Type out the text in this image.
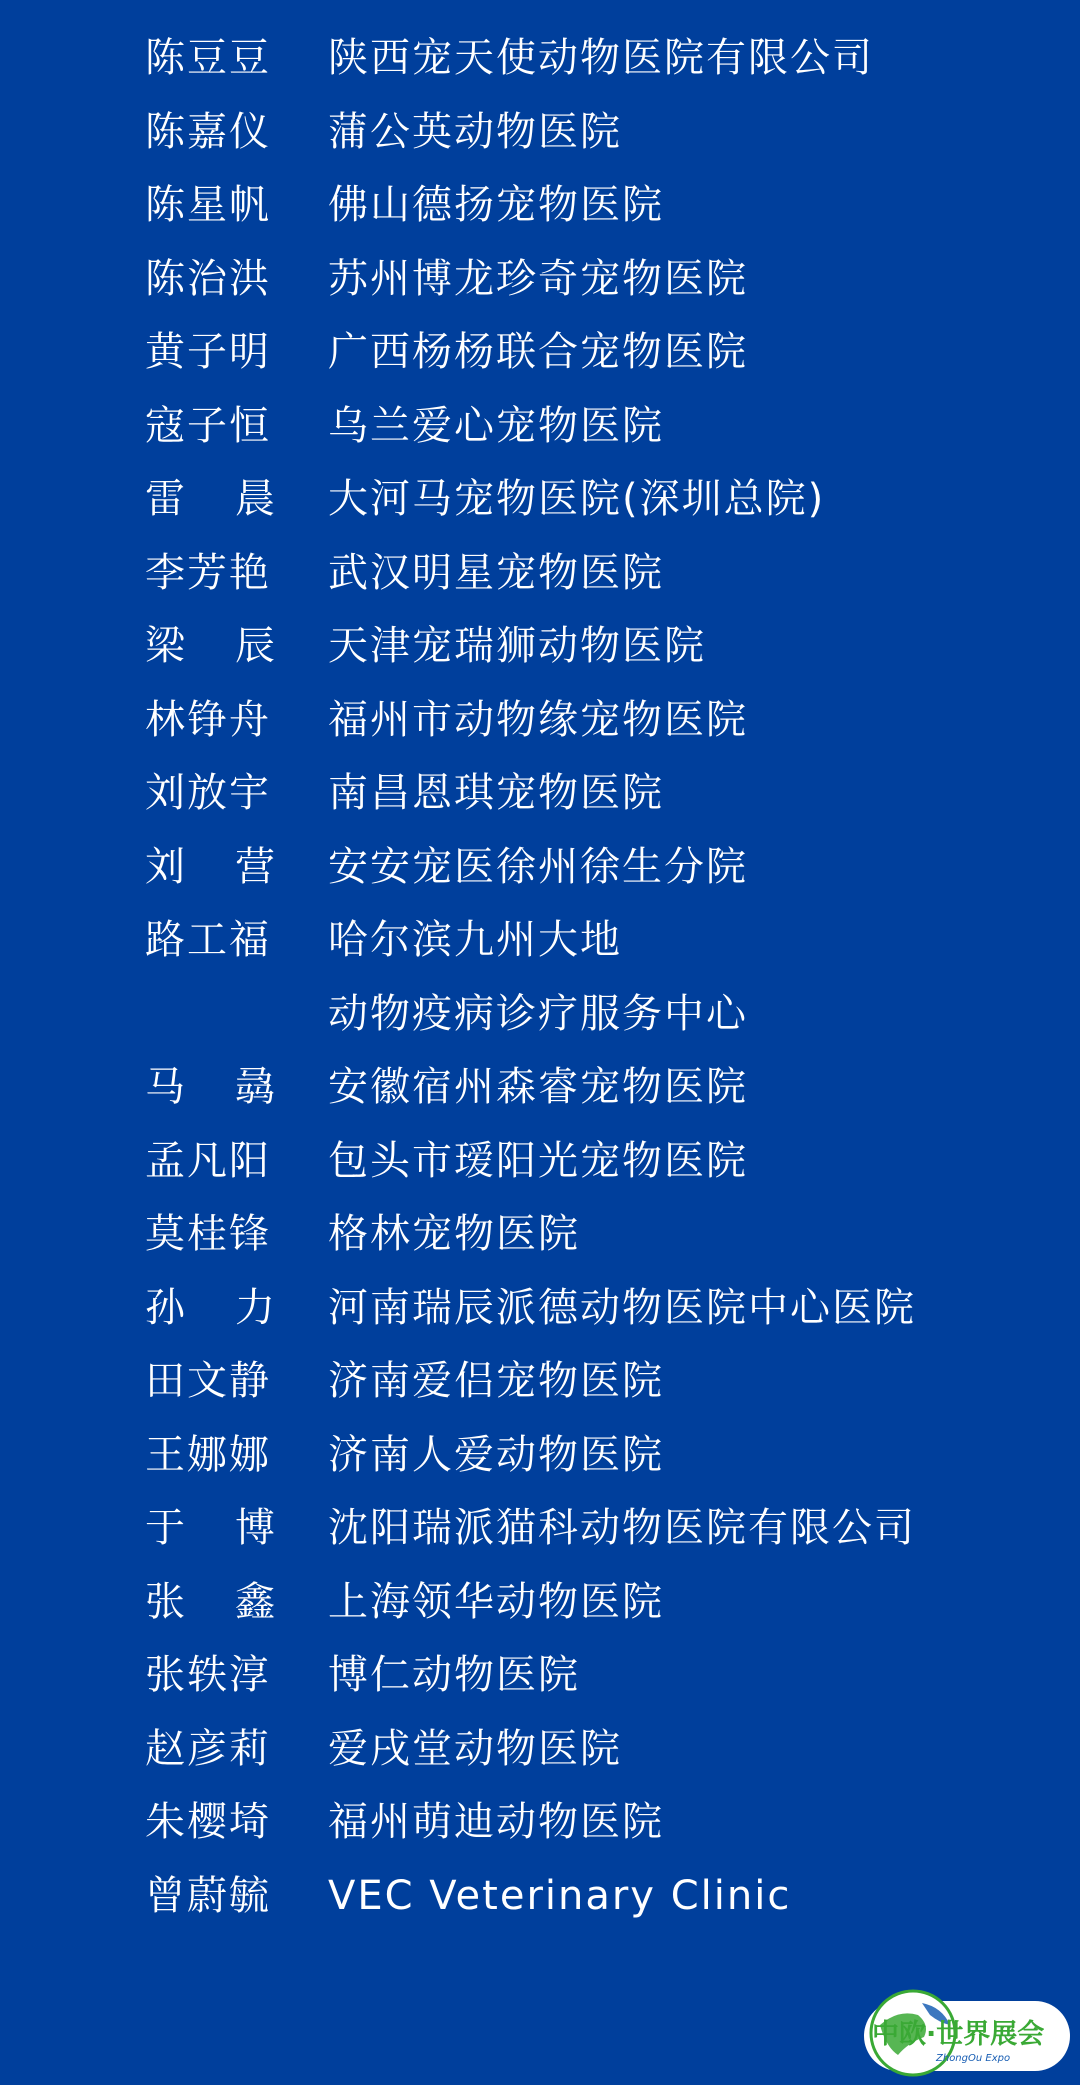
陈豆豆 陕西宠天使动物医院有限公司
陈嘉仪 蒲公英动物医院
陈星帆 佛山德扬宠物医院
陈治洪 苏州博龙珍奇宠物医院
黄子明 广西杨杨联合宠物医院
寇子恒 乌兰爱心宠物医院
雷 晨 大河马宠物医院(深圳总院)
李芳艳 武汉明星宠物医院
梁 辰 天津宠瑞狮动物医院
林铮舟 福州市动物缘宠物医院
刘放宇 南昌恩琪宠物医院
刘 营 安安宠医徐州徐生分院
路工福 哈尔滨九州大地
动物疫病诊疗服务中心
马 骉 安徽宿州森睿宠物医院
孟凡阳 包头市瑷阳光宠物医院
莫桂锋 格林宠物医院
孙 力 河南瑞辰派德动物医院中心医院
田文静 济南爱侣宠物医院
王娜娜 济南人爱动物医院
于 博 沈阳瑞派猫科动物医院有限公司
张 鑫 上海领华动物医院
张轶淳 博仁动物医院
赵彦莉 爱戌堂动物医院
朱樱埼 福州萌迪动物医院
曾蔚毓 VEC Veterinary Clinic
中欧·世界展会
ZhongOu Expo
